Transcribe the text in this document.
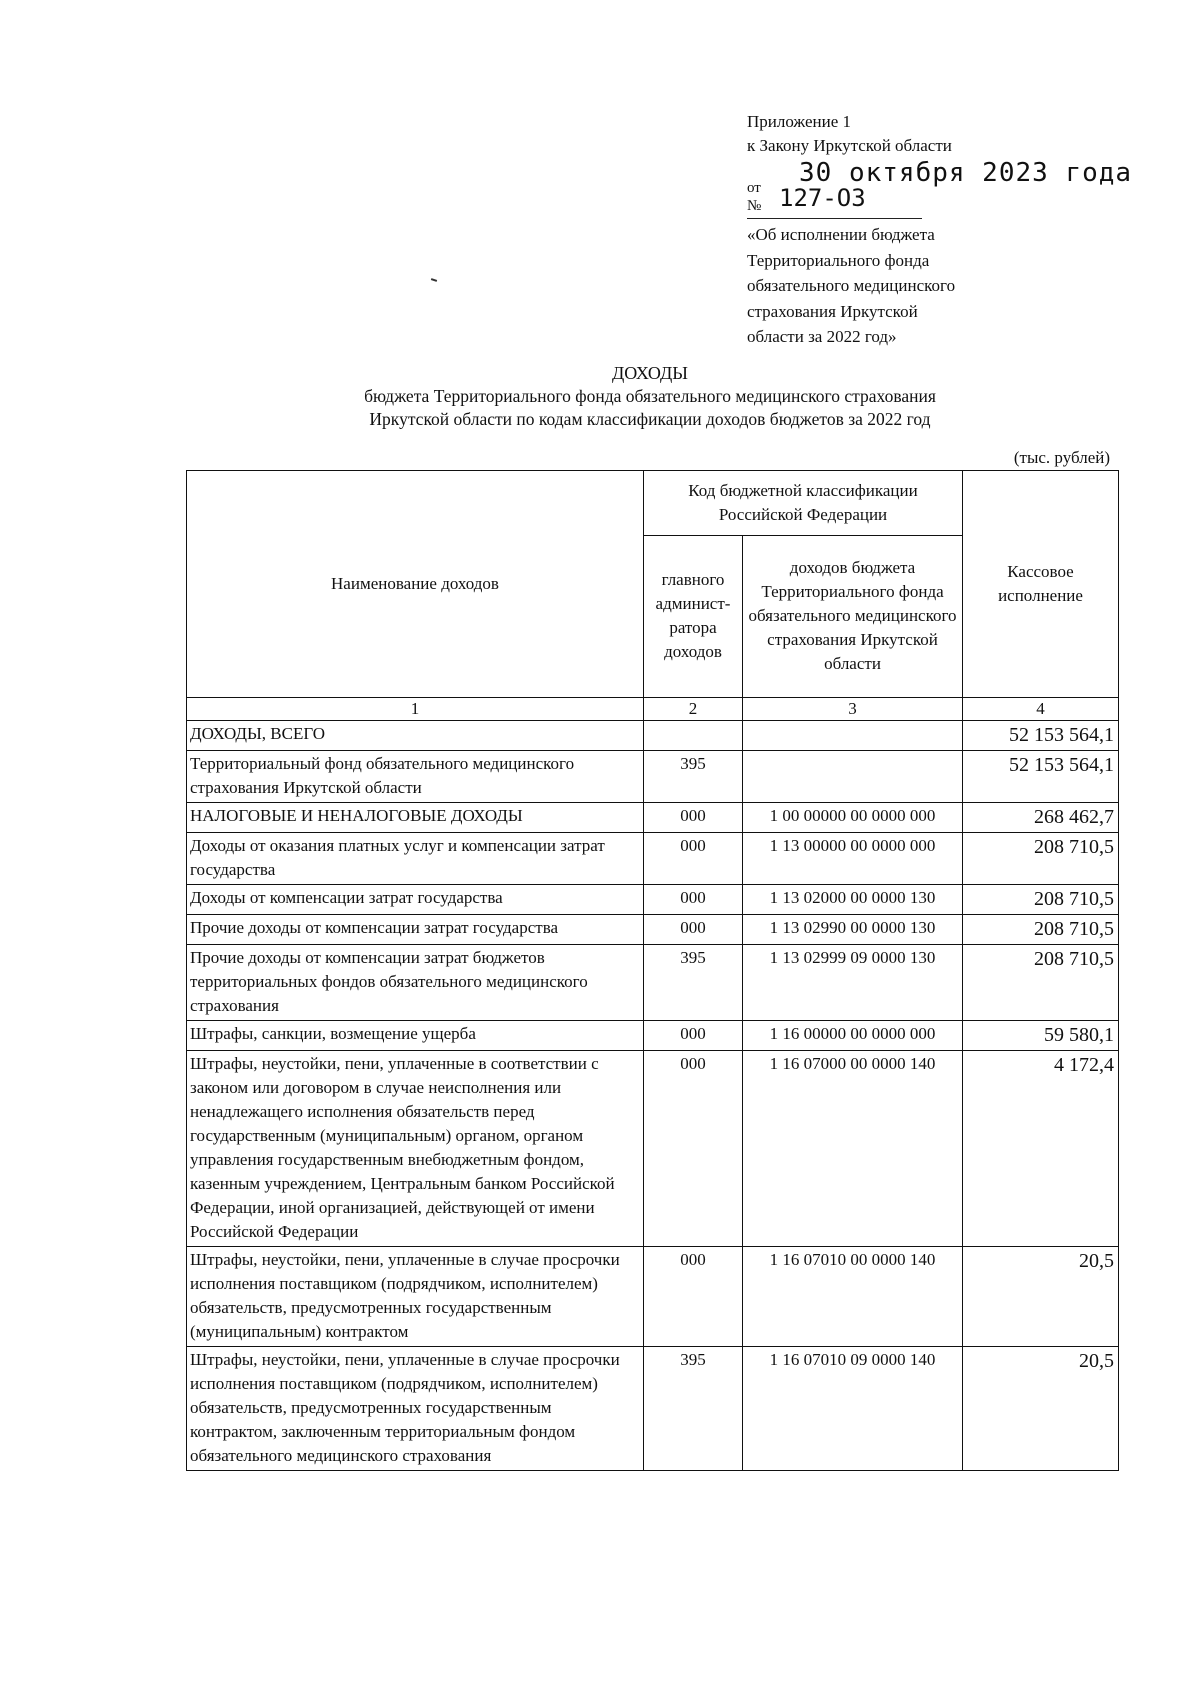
Приложение 1
к Закону Иркутской области
от 30 октября 2023 года
№ 127-ОЗ
«Об исполнении бюджета
Территориального фонда
обязательного медицинского
страхования Иркутской
области за 2022 год»
ДОХОДЫ
бюджета Территориального фонда обязательного медицинского страхования
Иркутской области по кодам классификации доходов бюджетов за 2022 год
(тыс. рублей)
Наименование доходов	Код бюджетной классификации Российской Федерации		Кассовое исполнение
	главного админист-ратора доходов	доходов бюджета Территориального фонда обязательного медицинского страхования Иркутской области	
1	2	3	4
ДОХОДЫ, ВСЕГО			52 153 564,1
Территориальный фонд обязательного медицинского страхования Иркутской области	395		52 153 564,1
НАЛОГОВЫЕ И НЕНАЛОГОВЫЕ ДОХОДЫ	000	1 00 00000 00 0000 000	268 462,7
Доходы от оказания платных услуг и компенсации затрат государства	000	1 13 00000 00 0000 000	208 710,5
Доходы от компенсации затрат государства	000	1 13 02000 00 0000 130	208 710,5
Прочие доходы от компенсации затрат государства	000	1 13 02990 00 0000 130	208 710,5
Прочие доходы от компенсации затрат бюджетов территориальных фондов обязательного медицинского страхования	395	1 13 02999 09 0000 130	208 710,5
Штрафы, санкции, возмещение ущерба	000	1 16 00000 00 0000 000	59 580,1
Штрафы, неустойки, пени, уплаченные в соответствии с законом или договором в случае неисполнения или ненадлежащего исполнения обязательств перед государственным (муниципальным) органом, органом управления государственным внебюджетным фондом, казенным учреждением, Центральным банком Российской Федерации, иной организацией, действующей от имени Российской Федерации	000	1 16 07000 00 0000 140	4 172,4
Штрафы, неустойки, пени, уплаченные в случае просрочки исполнения поставщиком (подрядчиком, исполнителем) обязательств, предусмотренных государственным (муниципальным) контрактом	000	1 16 07010 00 0000 140	20,5
Штрафы, неустойки, пени, уплаченные в случае просрочки исполнения поставщиком (подрядчиком, исполнителем) обязательств, предусмотренных государственным контрактом, заключенным территориальным фондом обязательного медицинского страхования	395	1 16 07010 09 0000 140	20,5
